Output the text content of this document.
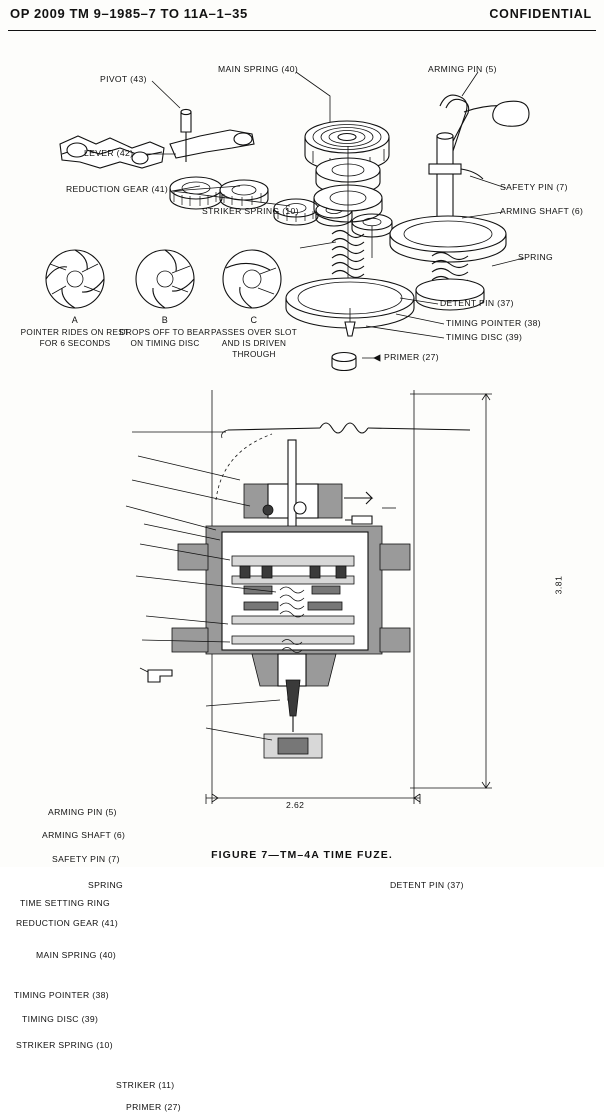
OP 2009 TM 9–1985–7 TO 11A–1–35	CONFIDENTIAL
PIVOT (43)
MAIN SPRING (40)	ARMING PIN (5)
LEVER (42)
SAFETY PIN (7)
ARMING SHAFT (6)
REDUCTION GEAR (41)
STRIKER SPRING (10)
SPRING
DETENT PIN (37)
TIMING POINTER (38)
TIMING DISC (39)
PRIMER (27)
A
POINTER RIDES ON REST FOR 6 SECONDS
B
DROPS OFF TO BEAR ON TIMING DISC
C
PASSES OVER SLOT AND IS DRIVEN THROUGH
ARMING PIN (5)
ARMING SHAFT (6)
SAFETY PIN (7)
SPRING
TIME SETTING RING
REDUCTION GEAR (41)
MAIN SPRING (40)
TIMING POINTER (38)
TIMING DISC (39)
STRIKER SPRING (10)
STRIKER (11)
PRIMER (27)
DETENT PIN (37)
2.62
3.81
FIGURE 7—TM–4A TIME FUZE.
